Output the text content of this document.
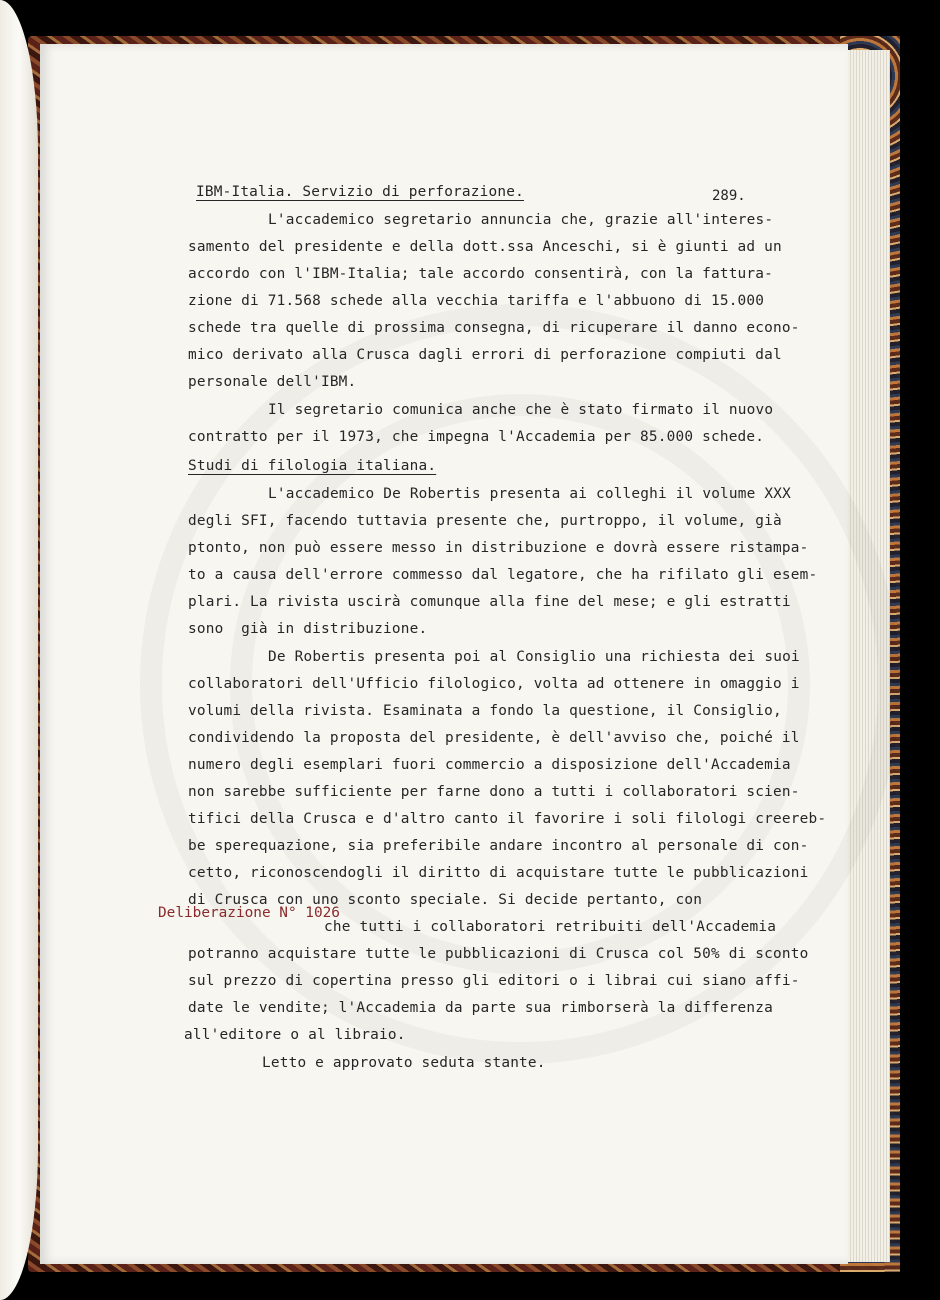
289.
IBM-Italia. Servizio di perforazione.
L'accademico segretario annuncia che, grazie all'interes-
samento del presidente e della dott.ssa Anceschi, si è giunti ad un
accordo con l'IBM-Italia; tale accordo consentirà, con la fattura-
zione di 71.568 schede alla vecchia tariffa e l'abbuono di 15.000
schede tra quelle di prossima consegna, di ricuperare il danno econo-
mico derivato alla Crusca dagli errori di perforazione compiuti dal
personale dell'IBM.
Il segretario comunica anche che è stato firmato il nuovo
contratto per il 1973, che impegna l'Accademia per 85.000 schede.
Studi di filologia italiana.
L'accademico De Robertis presenta ai colleghi il volume XXX
degli SFI, facendo tuttavia presente che, purtroppo, il volume, già
ptonto, non può essere messo in distribuzione e dovrà essere ristampa-
to a causa dell'errore commesso dal legatore, che ha rifilato gli esem-
plari. La rivista uscirà comunque alla fine del mese; e gli estratti
sono  già in distribuzione.
De Robertis presenta poi al Consiglio una richiesta dei suoi
collaboratori dell'Ufficio filologico, volta ad ottenere in omaggio i
volumi della rivista. Esaminata a fondo la questione, il Consiglio,
condividendo la proposta del presidente, è dell'avviso che, poiché il
numero degli esemplari fuori commercio a disposizione dell'Accademia
non sarebbe sufficiente per farne dono a tutti i collaboratori scien-
tifici della Crusca e d'altro canto il favorire i soli filologi creereb-
be sperequazione, sia preferibile andare incontro al personale di con-
cetto, riconoscendogli il diritto di acquistare tutte le pubblicazioni
di Crusca con uno sconto speciale. Si decide pertanto, con
che tutti i collaboratori retribuiti dell'Accademia
potranno acquistare tutte le pubblicazioni di Crusca col 50% di sconto
sul prezzo di copertina presso gli editori o i librai cui siano affi-
date le vendite; l'Accademia da parte sua rimborserà la differenza
all'editore o al libraio.
Letto e approvato seduta stante.
Deliberazione N° 1026
